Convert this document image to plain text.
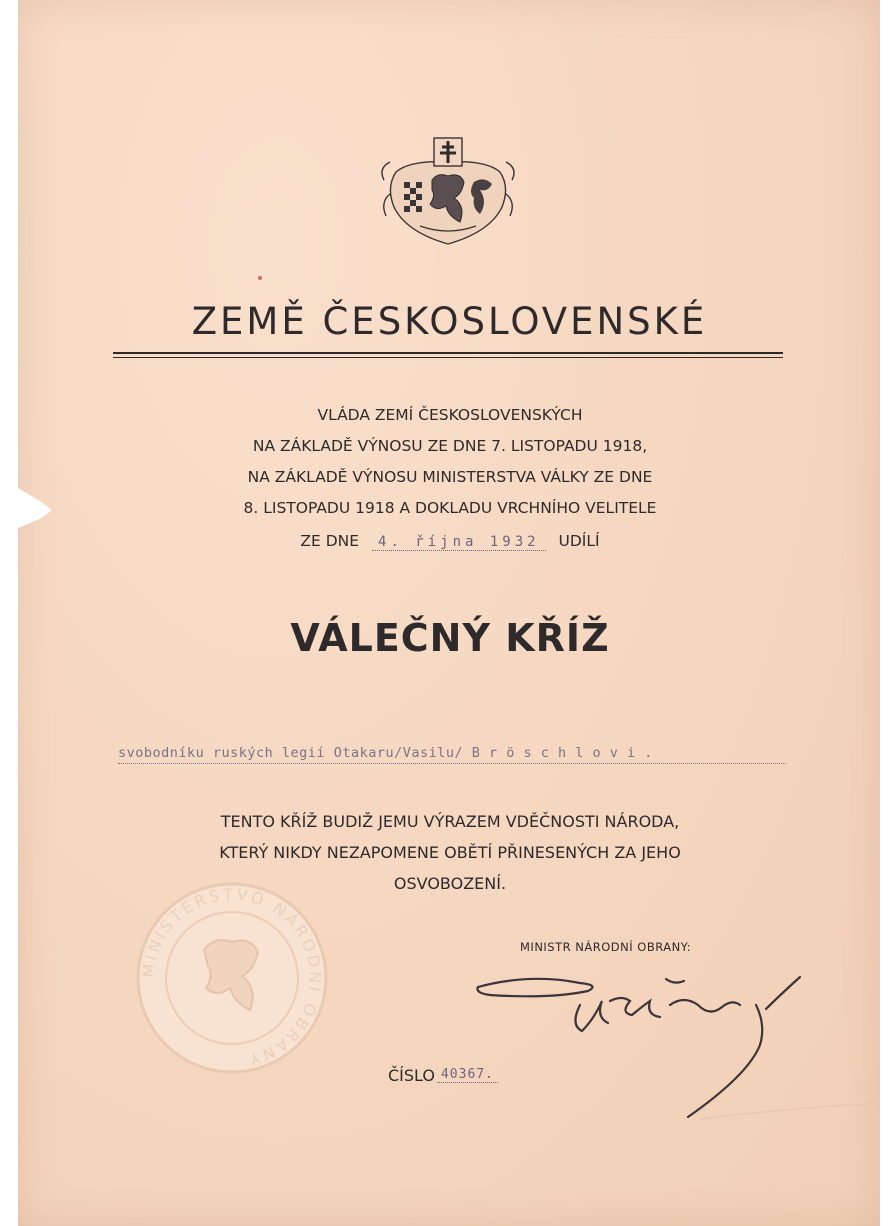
ZEMĚ ČESKOSLOVENSKÉ
VLÁDA ZEMÍ ČESKOSLOVENSKÝCH
NA ZÁKLADĚ VÝNOSU ZE DNE 7. LISTOPADU 1918,
NA ZÁKLADĚ VÝNOSU MINISTERSTVA VÁLKY ZE DNE
8. LISTOPADU 1918 A DOKLADU VRCHNÍHO VELITELE
ZE DNE 4. října 1932 UDÍLÍ
VÁLEČNÝ KŘÍŽ
svobodníku ruských legií Otakaru/Vasilu/ B r ö s c h l o v i .
TENTO KŘÍŽ BUDIŽ JEMU VÝRAZEM VDĚČNOSTI NÁRODA,
KTERÝ NIKDY NEZAPOMENE OBĚTÍ PŘINESENÝCH ZA JEHO
OSVOBOZENÍ.
MINISTERSTVO NÁRODNÍ OBRANY
MINISTR NÁRODNÍ OBRANY:
ČÍSLO 40367.
